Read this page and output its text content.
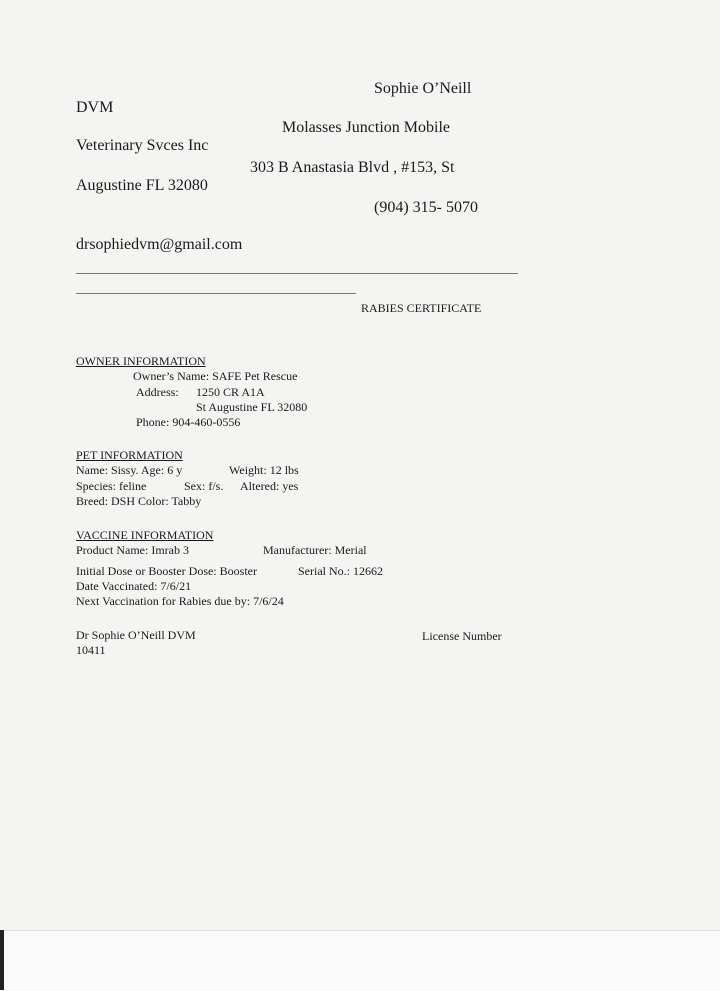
Sophie O’Neill
DVM
Molasses Junction Mobile
Veterinary Svces Inc
303 B Anastasia Blvd , #153, St
Augustine FL 32080
(904) 315- 5070
drsophiedvm@gmail.com
RABIES CERTIFICATE
OWNER INFORMATION
Owner’s Name: SAFE Pet Rescue
Address: 1250 CR A1A
St Augustine FL 32080
Phone: 904-460-0556
PET INFORMATION
Name: Sissy. Age: 6 y	Weight: 12 lbs
Species: feline	Sex: f/s. Altered: yes
Breed: DSH Color: Tabby
VACCINE INFORMATION
Product Name: Imrab 3	Manufacturer: Merial
Initial Dose or Booster Dose: Booster	Serial No.: 12662
Date Vaccinated: 7/6/21
Next Vaccination for Rabies due by: 7/6/24
Dr Sophie O’Neill DVM	License Number
10411
